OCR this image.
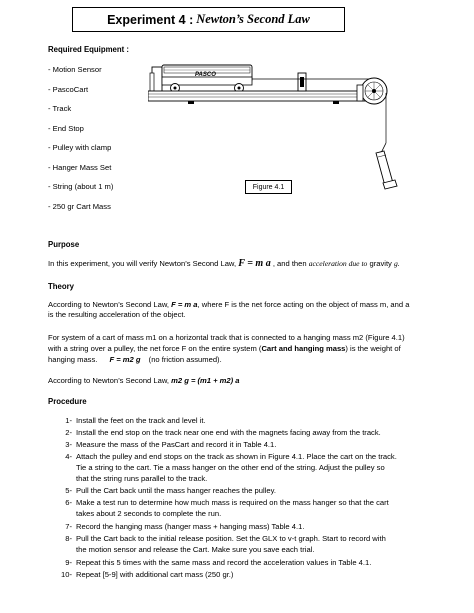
Experiment 4 : Newton’s Second Law
Required Equipment :
- Motion Sensor
- PascoCart
- Track
- End Stop
- Pulley with clamp
- Hanger Mass Set
- String (about 1 m)
- 250 gr Cart Mass
PASCO
Figure 4.1
Purpose
In this experiment, you will verify Newton’s Second Law, F = m a , and then acceleration due to gravity g.
Theory
According to Newton’s Second Law, F = m a, where F is the net force acting on the object of mass m, and a
is the resulting acceleration of the object.
For system of a cart of mass m1 on a horizontal track that is connected to a hanging mass m2 (Figure 4.1)
with a string over a pulley, the net force F on the entire system (Cart and hanging mass) is the weight of
hanging mass. F = m2 g (no friction assumed).
According to Newton’s Second Law, m2 g = (m1 + m2) a
Procedure
1- Install the feet on the track and level it.
2- Install the end stop on the track near one end with the magnets facing away from the track.
3- Measure the mass of the PasCart and record it in Table 4.1.
4- Attach the pulley and end stops on the track as shown in Figure 4.1. Place the cart on the track.
Tie a string to the cart. Tie a mass hanger on the other end of the string. Adjust the pulley so
that the string runs parallel to the track.
5- Pull the Cart back until the mass hanger reaches the pulley.
6- Make a test run to determine how much mass is required on the mass hanger so that the cart
takes about 2 seconds to complete the run.
7- Record the hanging mass (hanger mass + hanging mass) Table 4.1.
8- Pull the Cart back to the initial release position. Set the GLX to v-t graph. Start to record with
the motion sensor and release the Cart. Make sure you save each trial.
9- Repeat this 5 times with the same mass and record the acceleration values in Table 4.1.
10- Repeat [5-9] with additional cart mass (250 gr.)
